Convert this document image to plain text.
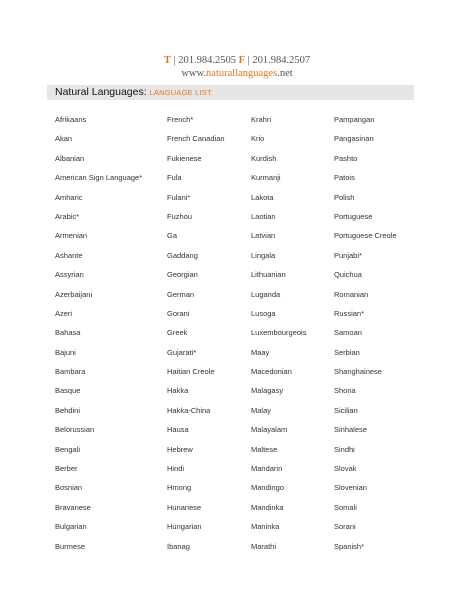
T | 201.984.2505 F | 201.984.2507
www.naturallanguages.net
Natural Languages: LANGUAGE LIST
Afrikaans
Akan
Albanian
American Sign Language*
Amharic
Arabic*
Armenian
Ashante
Assyrian
Azerbaijani
Azeri
Bahasa
Bajuni
Bambara
Basque
Behdini
Belorussian
Bengali
Berber
Bosnian
Bravanese
Bulgarian
Burmese
French*
French Canadian
Fukienese
Fula
Fulani*
Fuzhou
Ga
Gaddang
Georgian
German
Gorani
Greek
Gujarati*
Haitian Creole
Hakka
Hakka-China
Hausa
Hebrew
Hindi
Hmong
Hunanese
Hungarian
Ibanag
Krahn
Krio
Kurdish
Kurmanji
Lakota
Laotian
Latvian
Lingala
Lithuanian
Luganda
Lusoga
Luxembourgeois
Maay
Macedonian
Malagasy
Malay
Malayalam
Maltese
Mandarin
Mandingo
Mandinka
Maninka
Marathi
Pampangan
Pangasinan
Pashto
Patois
Polish
Portuguese
Portuguese Creole
Punjabi*
Quichua
Romanian
Russian*
Samoan
Serbian
Shanghainese
Shona
Sicilian
Sinhalese
Sindhi
Slovak
Slovenian
Somali
Sorani
Spanish*
